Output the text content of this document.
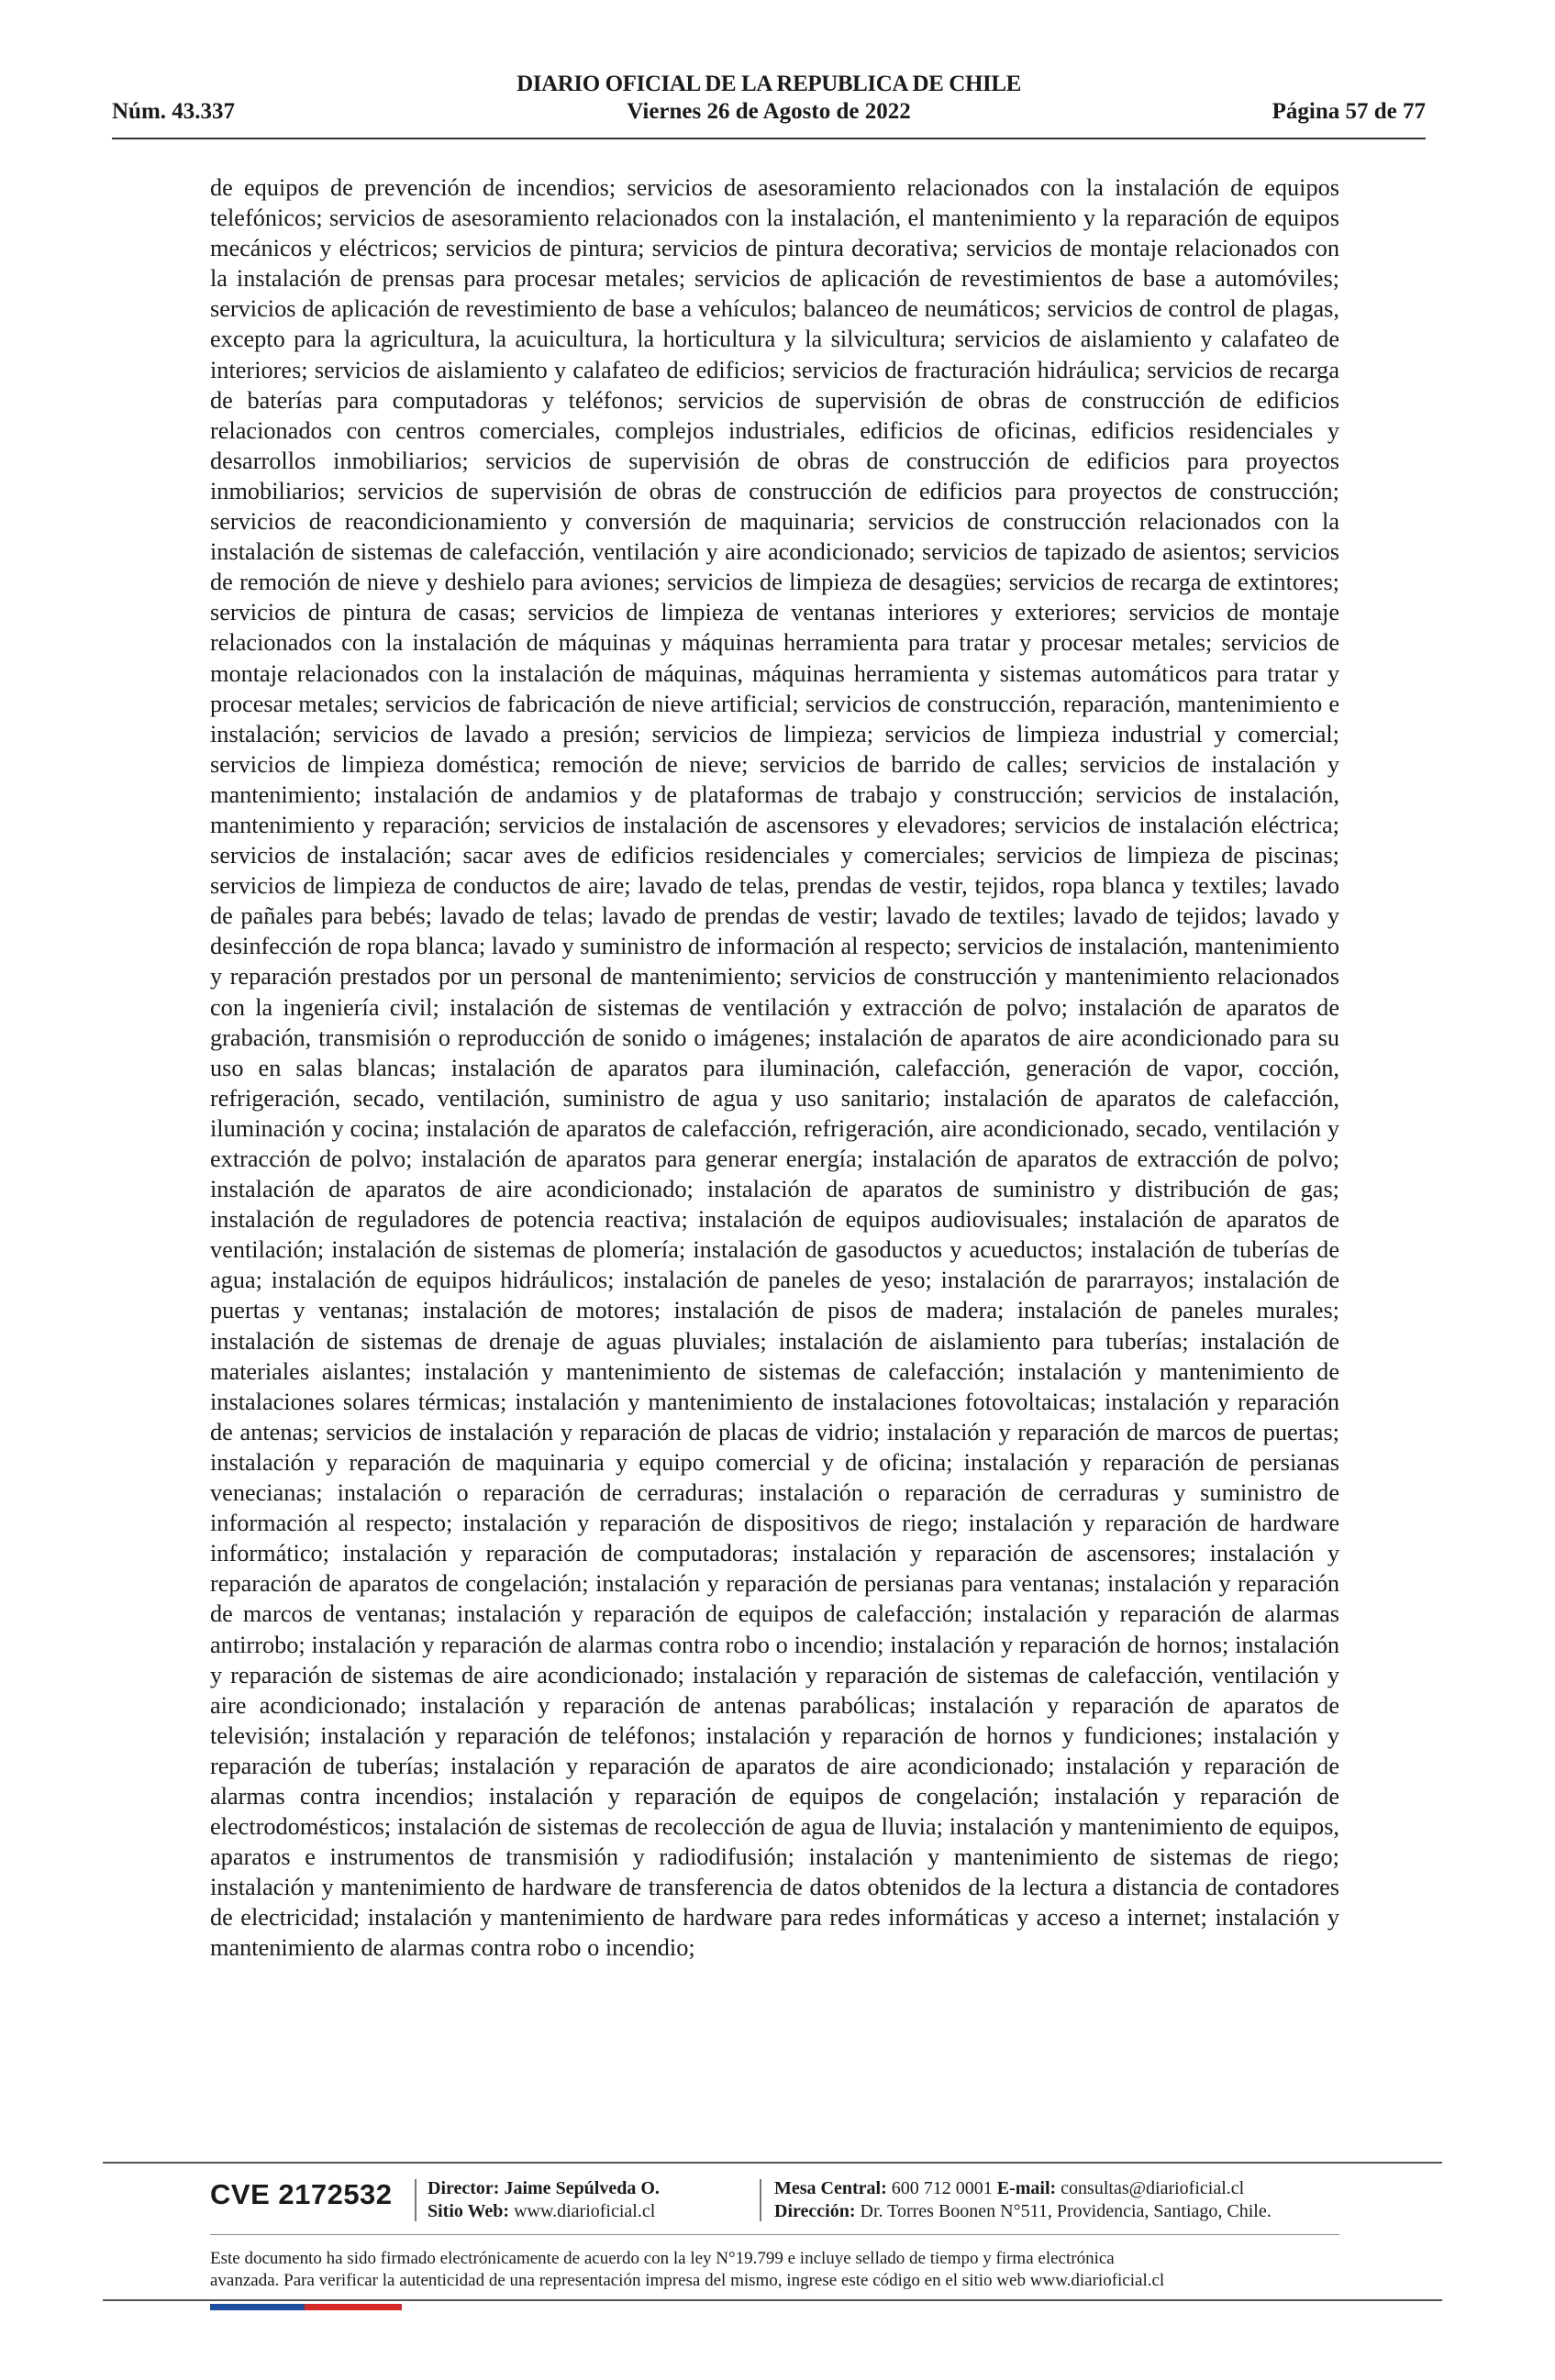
DIARIO OFICIAL DE LA REPUBLICA DE CHILE
Núm. 43.337	Viernes 26 de Agosto de 2022	Página 57 de 77
de equipos de prevención de incendios; servicios de asesoramiento relacionados con la instalación de equipos telefónicos; servicios de asesoramiento relacionados con la instalación, el mantenimiento y la reparación de equipos mecánicos y eléctricos; servicios de pintura; servicios de pintura decorativa; servicios de montaje relacionados con la instalación de prensas para procesar metales; servicios de aplicación de revestimientos de base a automóviles; servicios de aplicación de revestimiento de base a vehículos; balanceo de neumáticos; servicios de control de plagas, excepto para la agricultura, la acuicultura, la horticultura y la silvicultura; servicios de aislamiento y calafateo de interiores; servicios de aislamiento y calafateo de edificios; servicios de fracturación hidráulica; servicios de recarga de baterías para computadoras y teléfonos; servicios de supervisión de obras de construcción de edificios relacionados con centros comerciales, complejos industriales, edificios de oficinas, edificios residenciales y desarrollos inmobiliarios; servicios de supervisión de obras de construcción de edificios para proyectos inmobiliarios; servicios de supervisión de obras de construcción de edificios para proyectos de construcción; servicios de reacondicionamiento y conversión de maquinaria; servicios de construcción relacionados con la instalación de sistemas de calefacción, ventilación y aire acondicionado; servicios de tapizado de asientos; servicios de remoción de nieve y deshielo para aviones; servicios de limpieza de desagües; servicios de recarga de extintores; servicios de pintura de casas; servicios de limpieza de ventanas interiores y exteriores; servicios de montaje relacionados con la instalación de máquinas y máquinas herramienta para tratar y procesar metales; servicios de montaje relacionados con la instalación de máquinas, máquinas herramienta y sistemas automáticos para tratar y procesar metales; servicios de fabricación de nieve artificial; servicios de construcción, reparación, mantenimiento e instalación; servicios de lavado a presión; servicios de limpieza; servicios de limpieza industrial y comercial; servicios de limpieza doméstica; remoción de nieve; servicios de barrido de calles; servicios de instalación y mantenimiento; instalación de andamios y de plataformas de trabajo y construcción; servicios de instalación, mantenimiento y reparación; servicios de instalación de ascensores y elevadores; servicios de instalación eléctrica; servicios de instalación; sacar aves de edificios residenciales y comerciales; servicios de limpieza de piscinas; servicios de limpieza de conductos de aire; lavado de telas, prendas de vestir, tejidos, ropa blanca y textiles; lavado de pañales para bebés; lavado de telas; lavado de prendas de vestir; lavado de textiles; lavado de tejidos; lavado y desinfección de ropa blanca; lavado y suministro de información al respecto; servicios de instalación, mantenimiento y reparación prestados por un personal de mantenimiento; servicios de construcción y mantenimiento relacionados con la ingeniería civil; instalación de sistemas de ventilación y extracción de polvo; instalación de aparatos de grabación, transmisión o reproducción de sonido o imágenes; instalación de aparatos de aire acondicionado para su uso en salas blancas; instalación de aparatos para iluminación, calefacción, generación de vapor, cocción, refrigeración, secado, ventilación, suministro de agua y uso sanitario; instalación de aparatos de calefacción, iluminación y cocina; instalación de aparatos de calefacción, refrigeración, aire acondicionado, secado, ventilación y extracción de polvo; instalación de aparatos para generar energía; instalación de aparatos de extracción de polvo; instalación de aparatos de aire acondicionado; instalación de aparatos de suministro y distribución de gas; instalación de reguladores de potencia reactiva; instalación de equipos audiovisuales; instalación de aparatos de ventilación; instalación de sistemas de plomería; instalación de gasoductos y acueductos; instalación de tuberías de agua; instalación de equipos hidráulicos; instalación de paneles de yeso; instalación de pararrayos; instalación de puertas y ventanas; instalación de motores; instalación de pisos de madera; instalación de paneles murales; instalación de sistemas de drenaje de aguas pluviales; instalación de aislamiento para tuberías; instalación de materiales aislantes; instalación y mantenimiento de sistemas de calefacción; instalación y mantenimiento de instalaciones solares térmicas; instalación y mantenimiento de instalaciones fotovoltaicas; instalación y reparación de antenas; servicios de instalación y reparación de placas de vidrio; instalación y reparación de marcos de puertas; instalación y reparación de maquinaria y equipo comercial y de oficina; instalación y reparación de persianas venecianas; instalación o reparación de cerraduras; instalación o reparación de cerraduras y suministro de información al respecto; instalación y reparación de dispositivos de riego; instalación y reparación de hardware informático; instalación y reparación de computadoras; instalación y reparación de ascensores; instalación y reparación de aparatos de congelación; instalación y reparación de persianas para ventanas; instalación y reparación de marcos de ventanas; instalación y reparación de equipos de calefacción; instalación y reparación de alarmas antirrobo; instalación y reparación de alarmas contra robo o incendio; instalación y reparación de hornos; instalación y reparación de sistemas de aire acondicionado; instalación y reparación de sistemas de calefacción, ventilación y aire acondicionado; instalación y reparación de antenas parabólicas; instalación y reparación de aparatos de televisión; instalación y reparación de teléfonos; instalación y reparación de hornos y fundiciones; instalación y reparación de tuberías; instalación y reparación de aparatos de aire acondicionado; instalación y reparación de alarmas contra incendios; instalación y reparación de equipos de congelación; instalación y reparación de electrodomésticos; instalación de sistemas de recolección de agua de lluvia; instalación y mantenimiento de equipos, aparatos e instrumentos de transmisión y radiodifusión; instalación y mantenimiento de sistemas de riego; instalación y mantenimiento de hardware de transferencia de datos obtenidos de la lectura a distancia de contadores de electricidad; instalación y mantenimiento de hardware para redes informáticas y acceso a internet; instalación y mantenimiento de alarmas contra robo o incendio;
CVE 2172532 Director: Jaime Sepúlveda O.
Sitio Web: www.diarioficial.cl
Mesa Central: 600 712 0001 E-mail: consultas@diarioficial.cl
Dirección: Dr. Torres Boonen N°511, Providencia, Santiago, Chile.
Este documento ha sido firmado electrónicamente de acuerdo con la ley N°19.799 e incluye sellado de tiempo y firma electrónica
avanzada. Para verificar la autenticidad de una representación impresa del mismo, ingrese este código en el sitio web www.diarioficial.cl
